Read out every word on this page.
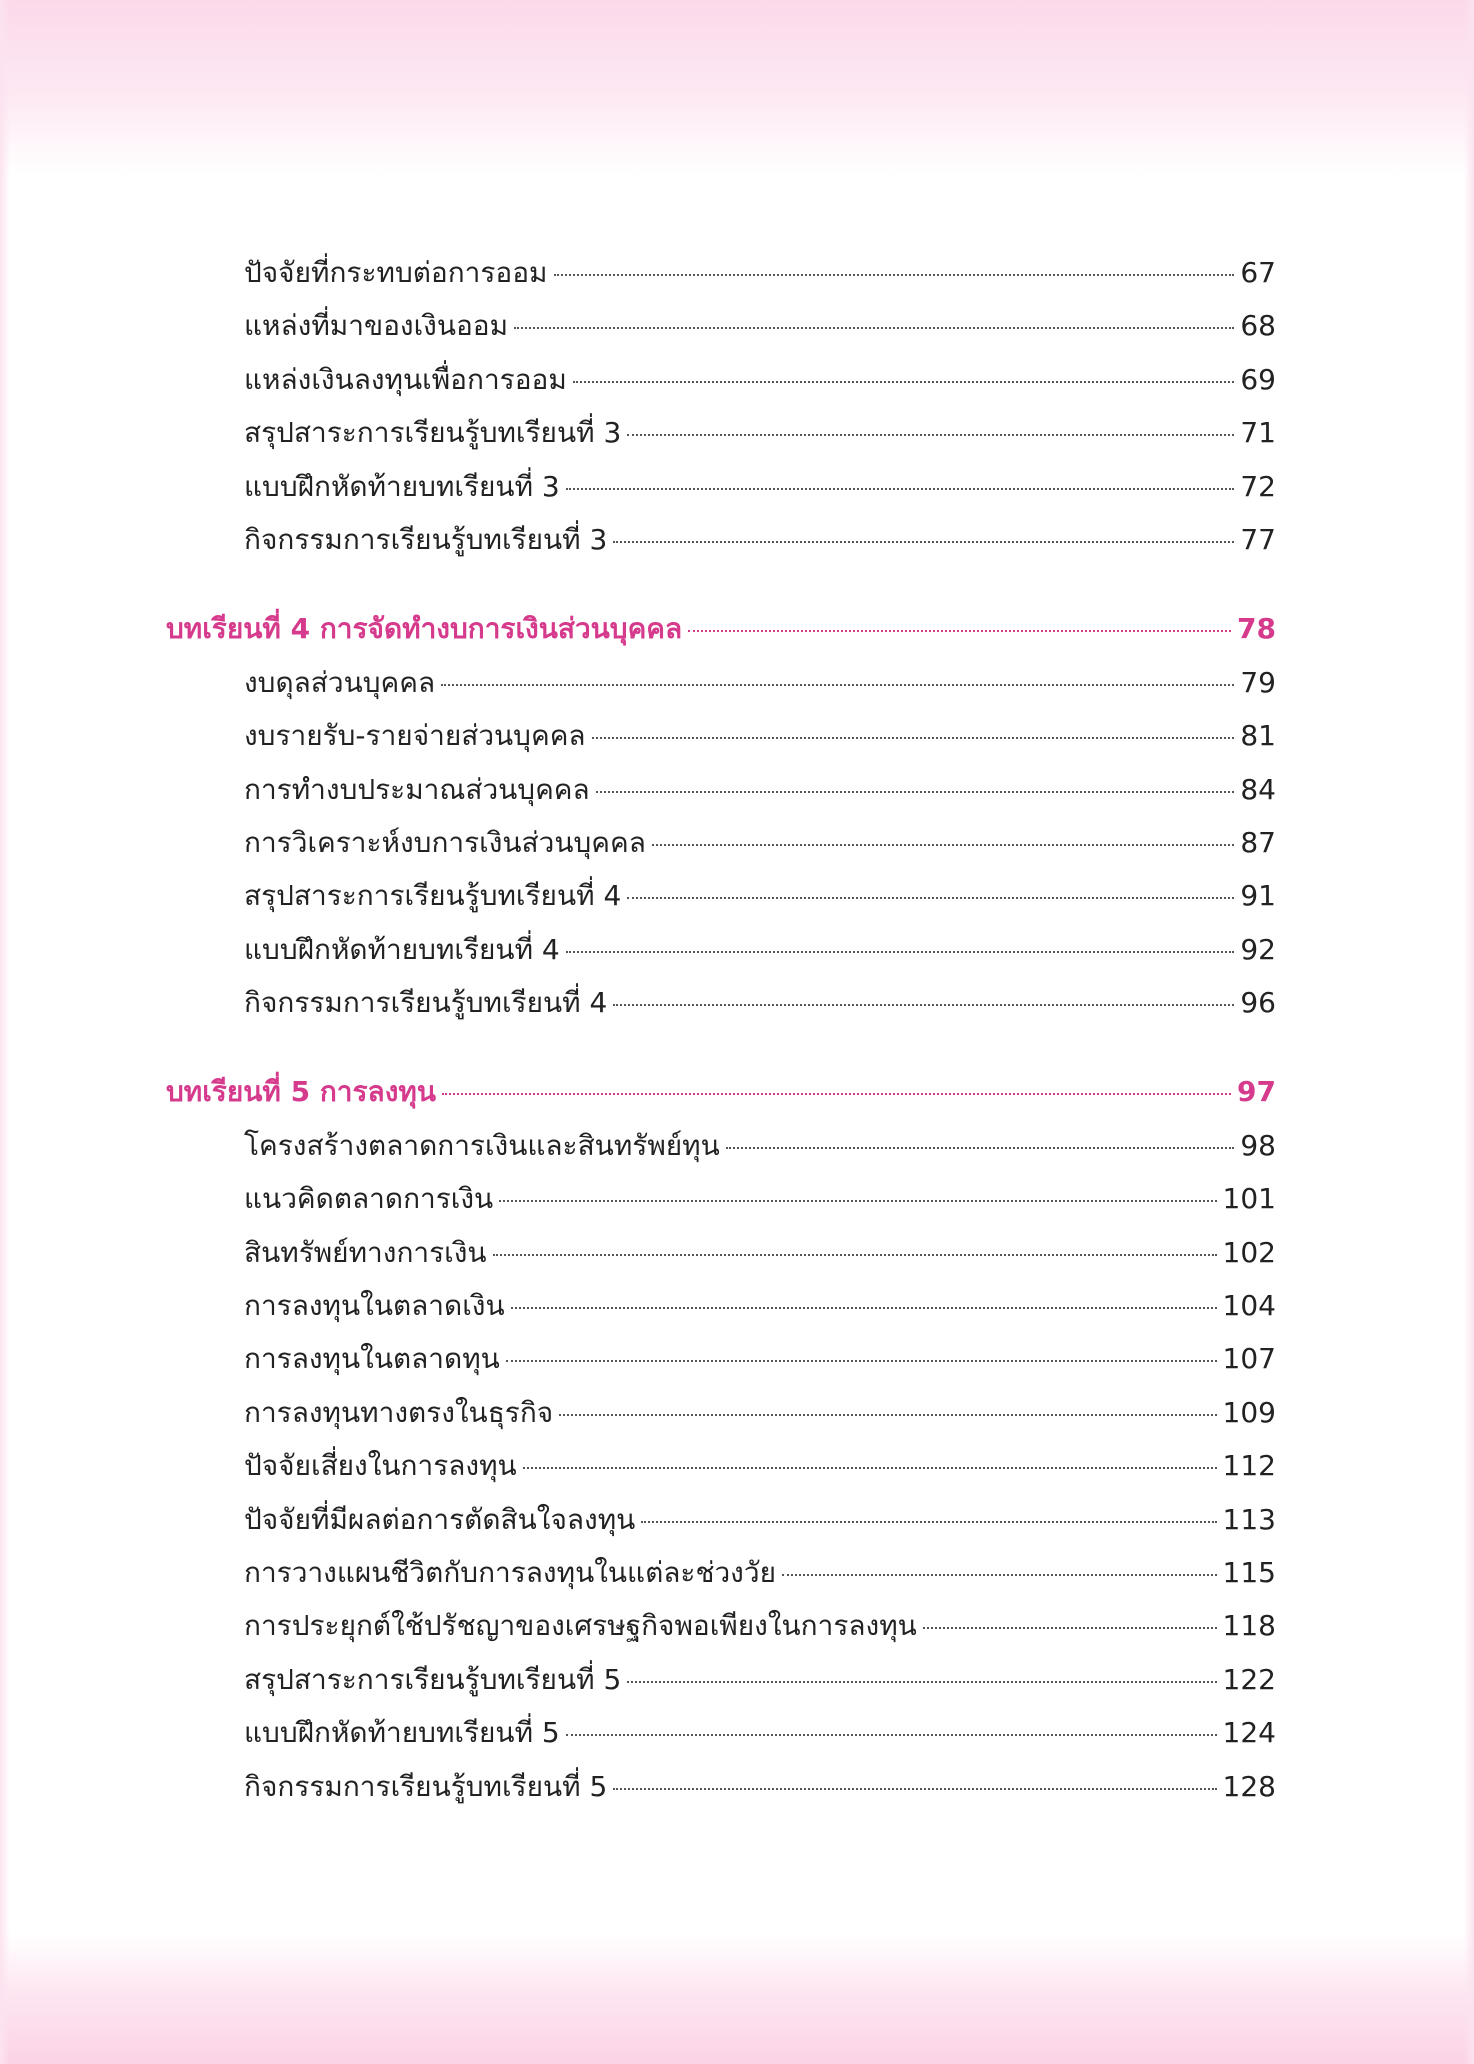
ปัจจัยที่กระทบต่อการออม	67
แหล่งที่มาของเงินออม	68
แหล่งเงินลงทุนเพื่อการออม	69
สรุปสาระการเรียนรู้บทเรียนที่ 3	71
แบบฝึกหัดท้ายบทเรียนที่ 3	72
กิจกรรมการเรียนรู้บทเรียนที่ 3	77
บทเรียนที่ 4 การจัดทำงบการเงินส่วนบุคคล	78
งบดุลส่วนบุคคล	79
งบรายรับ-รายจ่ายส่วนบุคคล	81
การทำงบประมาณส่วนบุคคล	84
การวิเคราะห์งบการเงินส่วนบุคคล	87
สรุปสาระการเรียนรู้บทเรียนที่ 4	91
แบบฝึกหัดท้ายบทเรียนที่ 4	92
กิจกรรมการเรียนรู้บทเรียนที่ 4	96
บทเรียนที่ 5 การลงทุน	97
โครงสร้างตลาดการเงินและสินทรัพย์ทุน	98
แนวคิดตลาดการเงิน	101
สินทรัพย์ทางการเงิน	102
การลงทุนในตลาดเงิน	104
การลงทุนในตลาดทุน	107
การลงทุนทางตรงในธุรกิจ	109
ปัจจัยเสี่ยงในการลงทุน	112
ปัจจัยที่มีผลต่อการตัดสินใจลงทุน	113
การวางแผนชีวิตกับการลงทุนในแต่ละช่วงวัย	115
การประยุกต์ใช้ปรัชญาของเศรษฐกิจพอเพียงในการลงทุน	118
สรุปสาระการเรียนรู้บทเรียนที่ 5	122
แบบฝึกหัดท้ายบทเรียนที่ 5	124
กิจกรรมการเรียนรู้บทเรียนที่ 5	128
